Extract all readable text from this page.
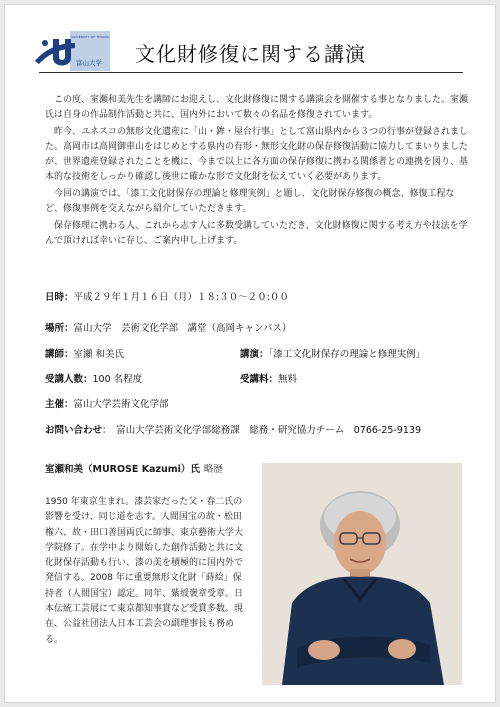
UNIVERSITY OF TOYAMA
富山大学 文化財修復に関する講演

この度、室瀬和美先生を講師にお迎えし、文化財修復に関する講演会を開催する事となりました。室瀬氏は自身の作品制作活動と共に、国内外において数々の名品を修復されています。

昨今、ユネスコの無形文化遺産に「山・鉾・屋台行事」として富山県内から３つの行事が登録されました。高岡市は高岡御車山をはじめとする県内の有形・無形文化財の保存修復活動に協力してまいりましたが、世界遺産登録されたことを機に、今まで以上に各方面の保存修復に携わる関係者との連携を図り、基本的な技術をしっかり確認し後世に確かな形で文化財を伝えていく必要があります。

今回の講演では、「漆工文化財保存の理論と修理実例」と題し、文化財保存修復の概念、修復工程など、修復事例を交えながら紹介していただきます。

保存修理に携わる人、これから志す人に多数受講していただき、文化財修復に関する考え方や技法を学んで頂ければ幸いに存じ、ご案内申し上げます。

日時：平成２９年１月１６日（月）１８:３０～２０:００
場所：富山大学　芸術文化学部　講堂（高岡キャンパス）
講師：室瀬 和美氏	講演：「漆工文化財保存の理論と修理実例」
受講人数：100 名程度	受講料：無料
主催：富山大学芸術文化学部
お問い合わせ：　富山大学芸術文化学部総務課　総務・研究協力チーム　0766-25-9139
室瀬和美（MUROSE Kazumi）氏 略歴
1950 年東京生まれ。漆芸家だった父・春二氏の影響を受け、同じ道を志す。人間国宝の故・松田権六、故・田口善国両氏に師事、東京藝術大学大学院修了。在学中より開始した創作活動と共に文化財保存活動も行い、漆の美を積極的に国内外で発信する。2008 年に重要無形文化財「蒔絵」保持者（人間国宝）認定。同年、紫綬褒章受章。日本伝統工芸展にて東京都知事賞など受賞多数。現在、公益社団法人日本工芸会の副理事長も務める。
